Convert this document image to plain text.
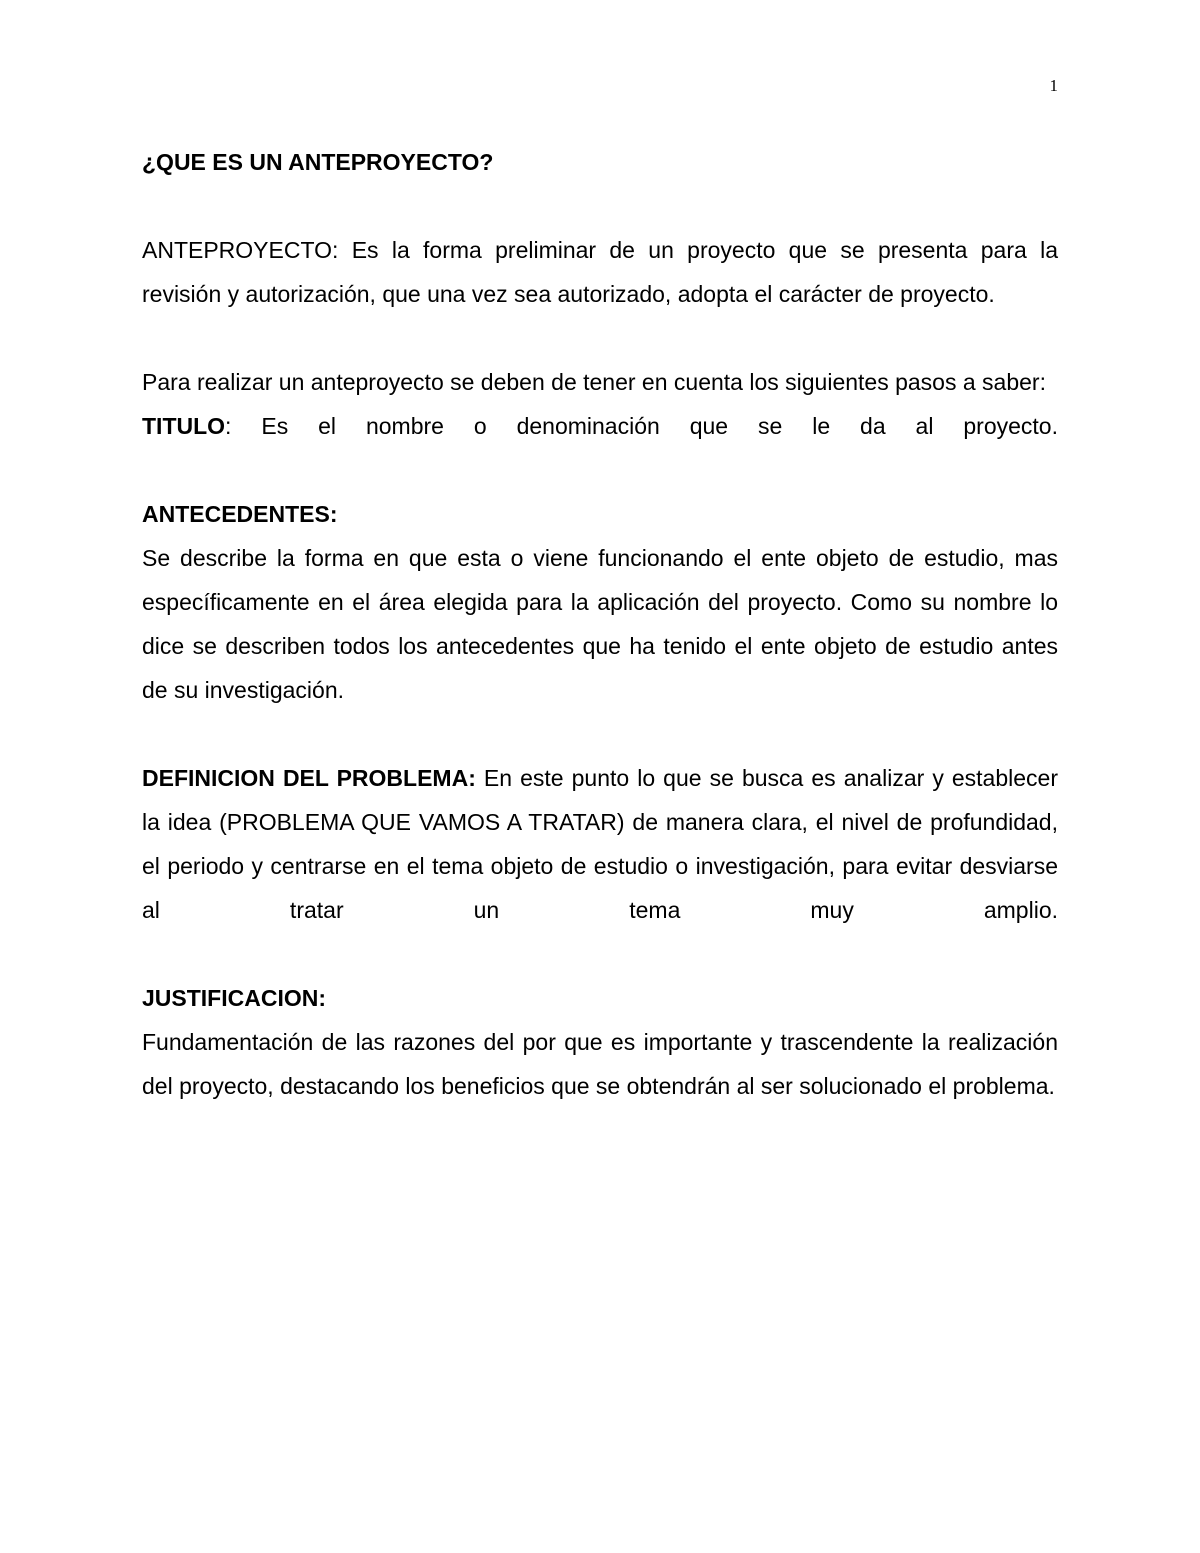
1
¿QUE ES UN ANTEPROYECTO?

ANTEPROYECTO: Es la forma preliminar de un proyecto que se presenta para la revisión y autorización, que una vez sea autorizado, adopta el carácter de proyecto.

Para realizar un anteproyecto se deben de tener en cuenta los siguientes pasos a saber:

TITULO: Es el nombre o denominación que se le da al proyecto.

ANTECEDENTES:

Se describe la forma en que esta o viene funcionando el ente objeto de estudio, mas específicamente en el área elegida para la aplicación del proyecto. Como su nombre lo dice se describen todos los antecedentes que ha tenido el ente objeto de estudio antes de su investigación.

DEFINICION DEL PROBLEMA: En este punto lo que se busca es analizar y establecer la idea (PROBLEMA QUE VAMOS A TRATAR) de manera clara, el nivel de profundidad, el periodo y centrarse en el tema objeto de estudio o investigación, para evitar desviarse al tratar un tema muy amplio.

JUSTIFICACION:

Fundamentación de las razones del por que es importante y trascendente la realización del proyecto, destacando los beneficios que se obtendrán al ser solucionado el problema.
